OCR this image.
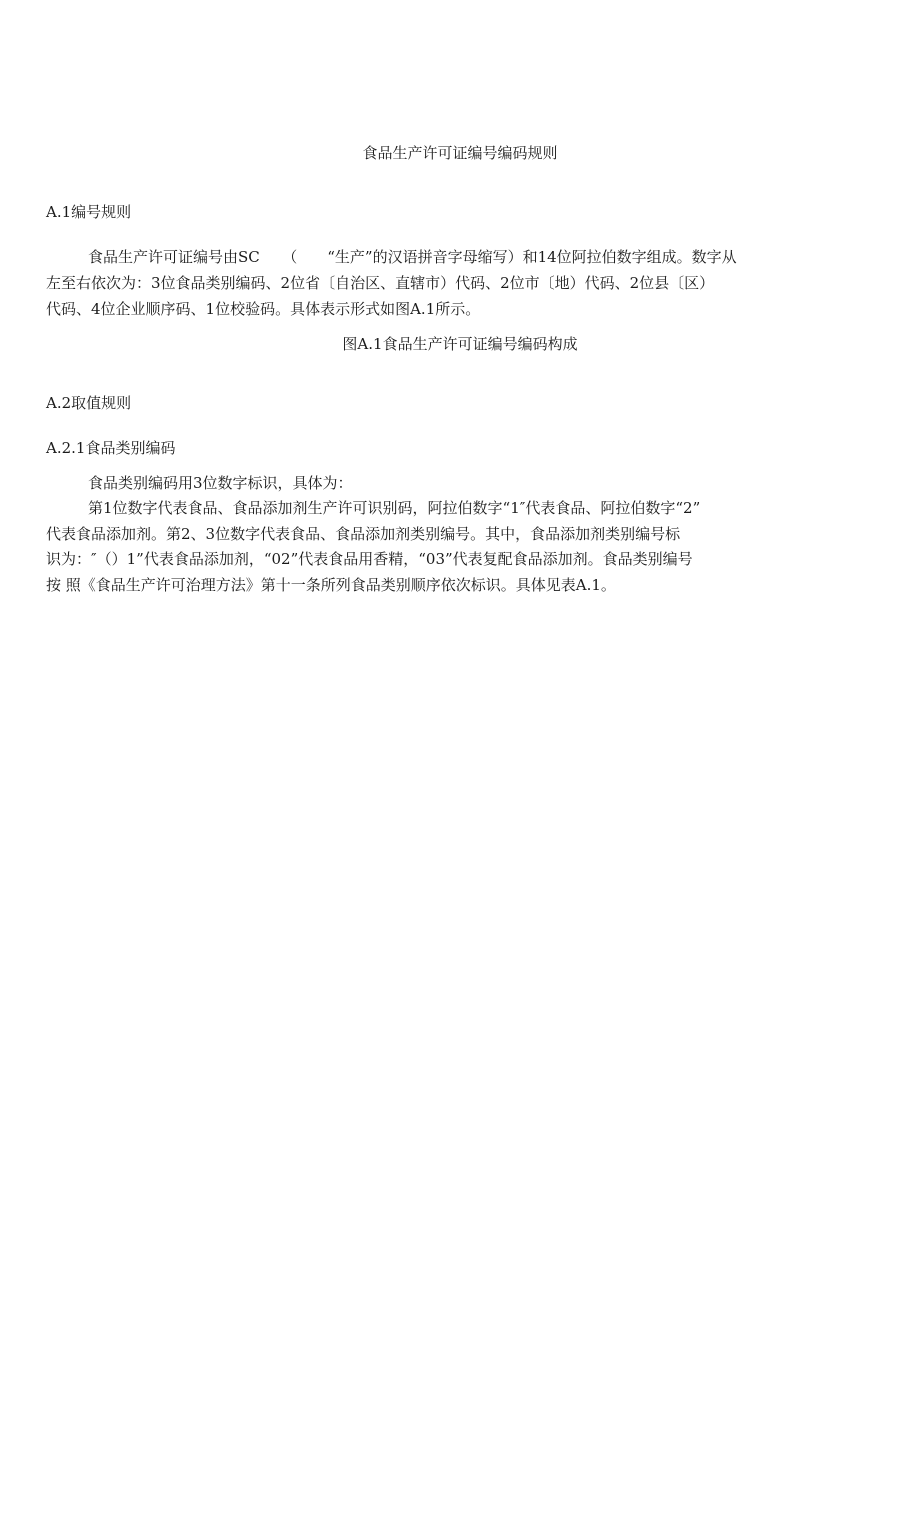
食品生产许可证编号编码规则
A.1编号规则
食品生产许可证编号由SC　　（　　“生产”的汉语拼音字母缩写）和14位阿拉伯数字组成。数字从
左至右依次为：3位食品类别编码、2位省〔自治区、直辖市）代码、2位市〔地）代码、2位县〔区）
代码、4位企业顺序码、1位校验码。具体表示形式如图A.1所示。
图A.1食品生产许可证编号编码构成
A.2取值规则
A.2.1食品类别编码
食品类别编码用3位数字标识，具体为：
第1位数字代表食品、食品添加剂生产许可识别码，阿拉伯数字“1″代表食品、阿拉伯数字“2”
代表食品添加剂。第2、3位数字代表食品、食品添加剂类别编号。其中，食品添加剂类别编号标
识为：″（）1”代表食品添加剂，“02”代表食品用香精，“03”代表复配食品添加剂。食品类别编号
按 照《食品生产许可治理方法》第十一条所列食品类别顺序依次标识。具体见表A.1。
